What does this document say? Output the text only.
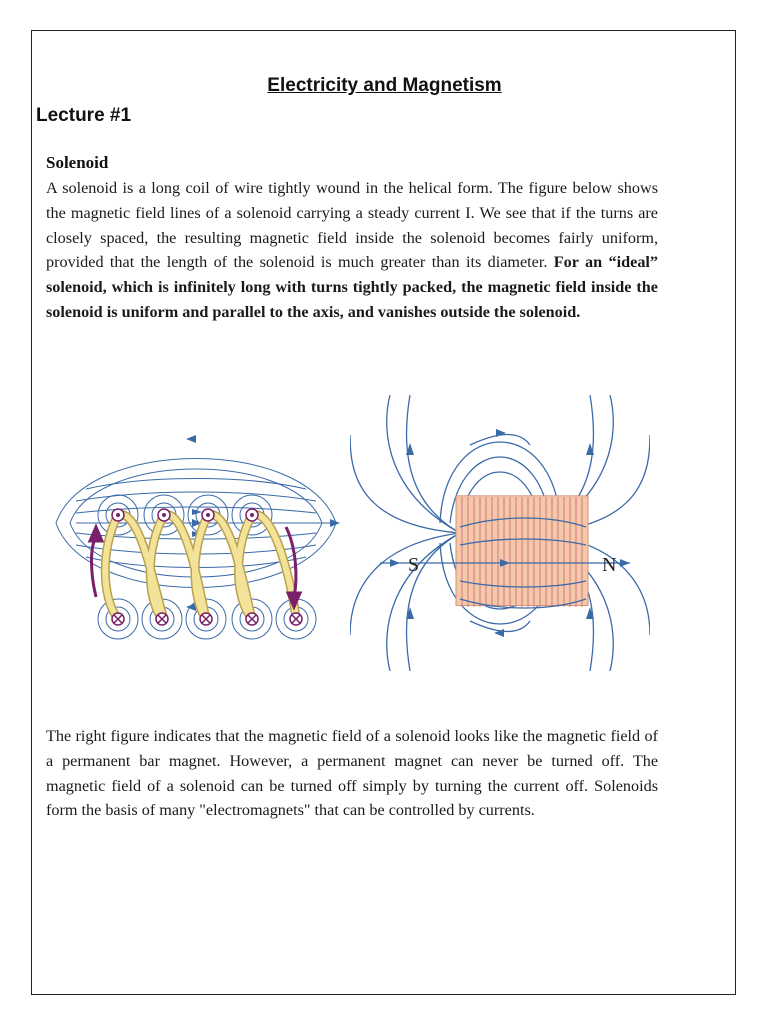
Electricity and Magnetism
Lecture #1
Solenoid

A solenoid is a long coil of wire tightly wound in the helical form. The figure below shows the magnetic field lines of a solenoid carrying a steady current I. We see that if the turns are closely spaced, the resulting magnetic field inside the solenoid becomes fairly uniform, provided that the length of the solenoid is much greater than its diameter. For an “ideal” solenoid, which is infinitely long with turns tightly packed, the magnetic field inside the solenoid is uniform and parallel to the axis, and vanishes outside the solenoid.

S	N

The right figure indicates that the magnetic field of a solenoid looks like the magnetic field of a permanent bar magnet. However, a permanent magnet can never be turned off. The magnetic field of a solenoid can be turned off simply by turning the current off. Solenoids form the basis of many "electromagnets" that can be controlled by currents.
